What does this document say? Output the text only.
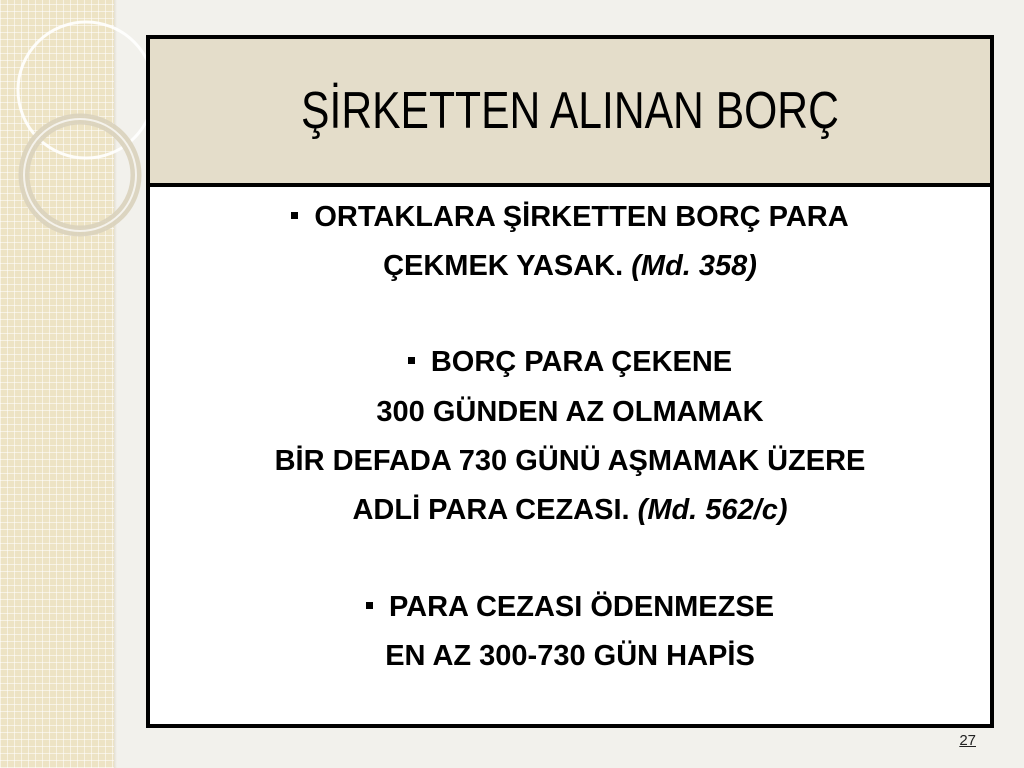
ŞİRKETTEN ALINAN BORÇ
ORTAKLARA ŞİRKETTEN BORÇ PARA
ÇEKMEK YASAK. (Md. 358)
BORÇ PARA ÇEKENE
300 GÜNDEN AZ OLMAMAK
BİR DEFADA 730 GÜNÜ AŞMAMAK ÜZERE
ADLİ PARA CEZASI. (Md. 562/c)
PARA CEZASI ÖDENMEZSE
EN AZ 300-730 GÜN HAPİS
27
